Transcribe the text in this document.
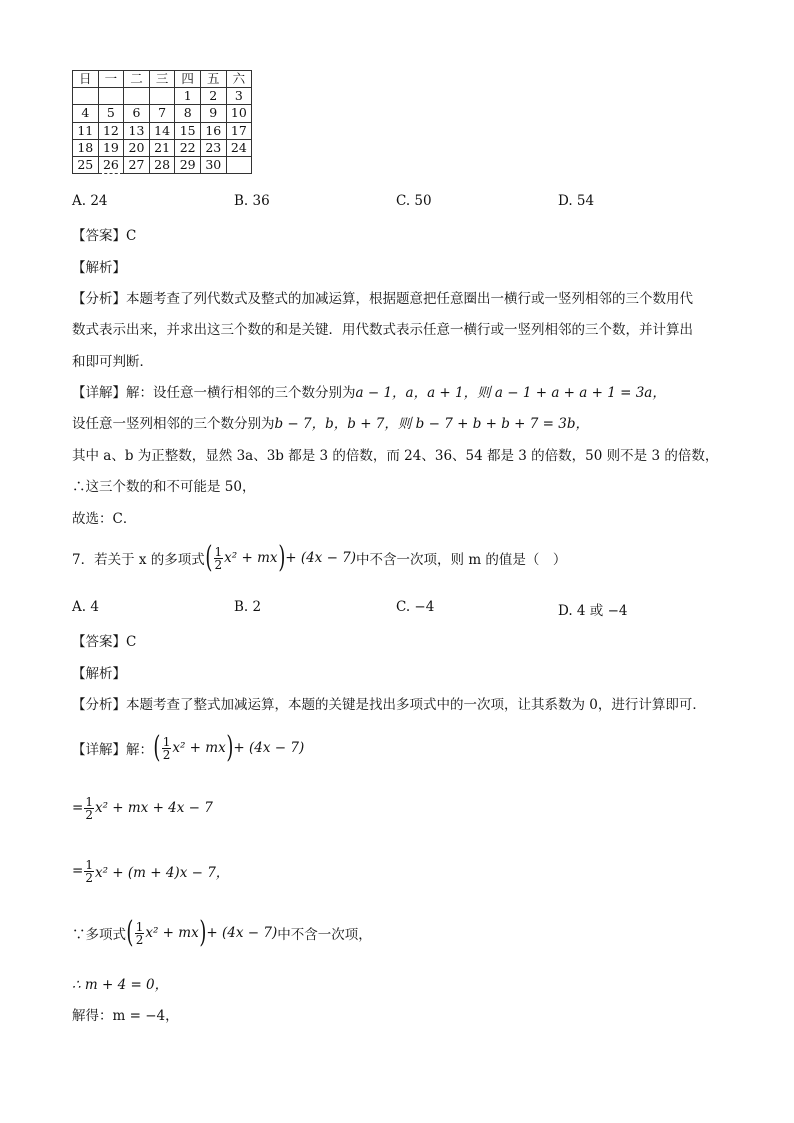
日	一	二	三	四	五	六
				1	2	3
4	5	6	7	8	9	10
11	12	13	14	15	16	17
18	19	20	21	22	23	24
25	26	27	28	29	30	
A. 24	B. 36	C. 50	D. 54
【答案】C
【解析】
【分析】本题考查了列代数式及整式的加减运算，根据题意把任意圈出一横行或一竖列相邻的三个数用代
数式表示出来，并求出这三个数的和是关键．用代数式表示任意一横行或一竖列相邻的三个数，并计算出
和即可判断．
【详解】解：设任意一横行相邻的三个数分别为a − 1，a，a + 1，则 a − 1 + a + a + 1 = 3a，
设任意一竖列相邻的三个数分别为b − 7，b，b + 7，则 b − 7 + b + b + 7 = 3b，
其中 a、b 为正整数，显然 3a、3b 都是 3 的倍数，而 24、36、54 都是 3 的倍数，50 则不是 3 的倍数，
∴这三个数的和不可能是 50，
故选：C．
7．若关于 x 的多项式 ( $\frac{1}{2} x^2$ + mx ) + (4x − 7) 中不含一次项，则 m 的值是（　）
A. 4	B. 2	C. −4	D. 4 或 −4
【答案】C
【解析】
【分析】本题考查了整式加减运算，本题的关键是找出多项式中的一次项，让其系数为 0，进行计算即可．
【详解】 解： ( $\frac{1}{2} x^2$ + mx ) + (4x − 7)
= $\frac{1}{2} x^2$ + mx + 4x − 7
= $\frac{1}{2} x^2 + (m + 4)x - 7$，
∵多项式 ( $\frac{1}{2} x^2$ + mx ) + (4x − 7) 中不含一次项，
∴ m + 4 = 0，
解得：m = −4，
